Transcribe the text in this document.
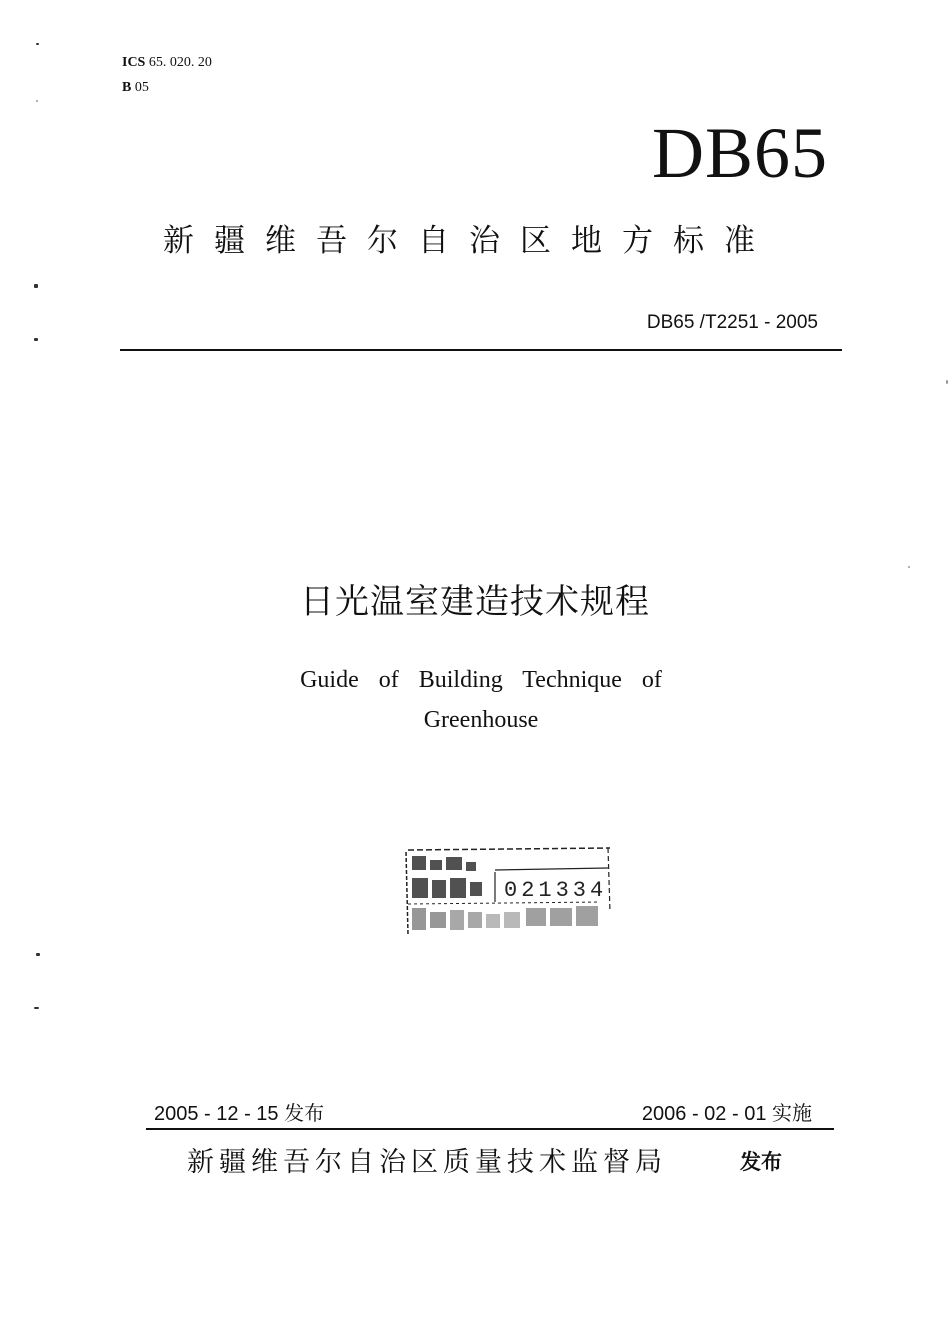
ICS 65. 020. 20
B 05
DB65
新疆维吾尔自治区地方标准
DB65 /T2251 - 2005
日光温室建造技术规程
Guide of Building Technique of
Greenhouse
021334
2005 - 12 - 15 发布	2006 - 02 - 01 实施
新疆维吾尔自治区质量技术监督局	发布
